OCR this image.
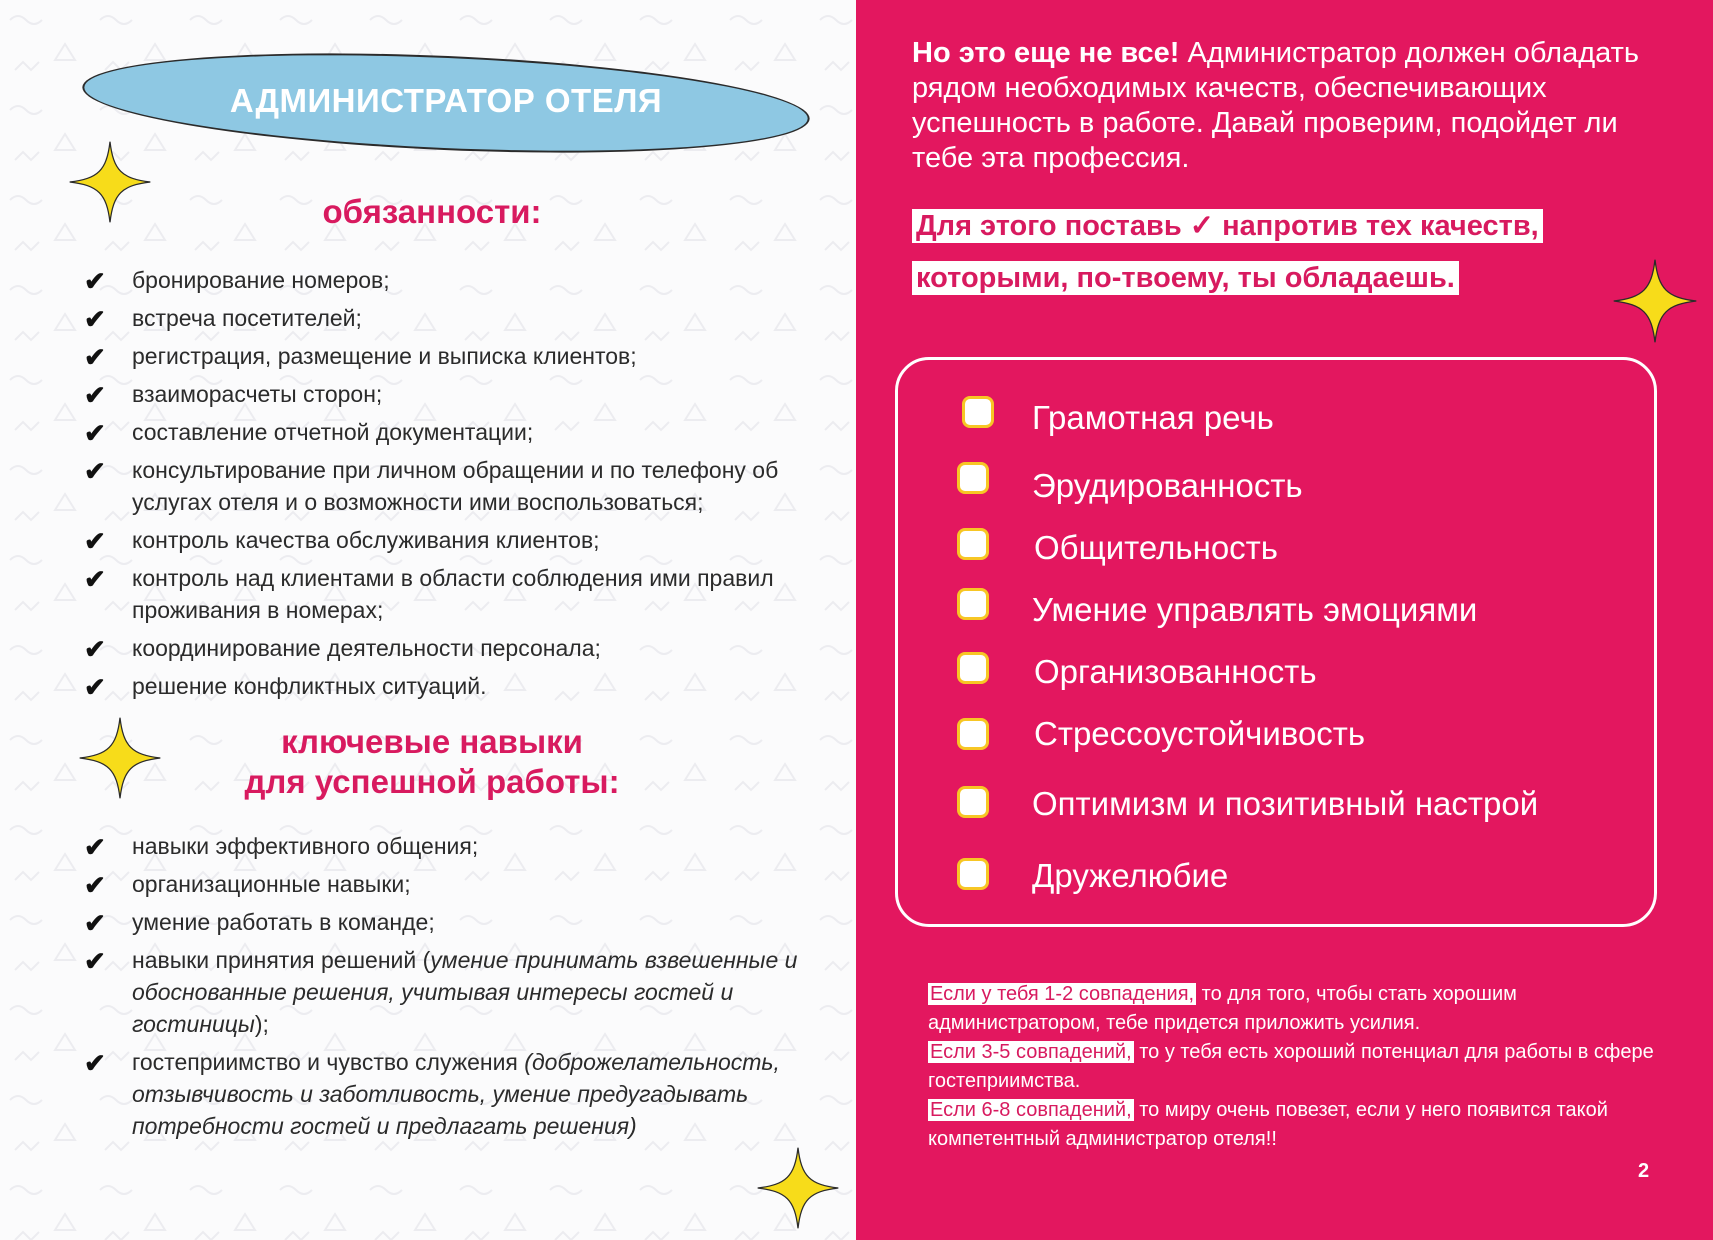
АДМИНИСТРАТОР ОТЕЛЯ
обязанности:
✔ бронирование номеров;
✔ встреча посетителей;
✔ регистрация, размещение и выписка клиентов;
✔ взаиморасчеты сторон;
✔ составление отчетной документации;
✔ консультирование при личном обращении и по телефону об услугах отеля и о возможности ими воспользоваться;
✔ контроль качества обслуживания клиентов;
✔ контроль над клиентами в области соблюдения ими правил проживания в номерах;
✔ координирование деятельности персонала;
✔ решение конфликтных ситуаций.
ключевые навыки
для успешной работы:
✔ навыки эффективного общения;
✔ организационные навыки;
✔ умение работать в команде;
✔ навыки принятия решений (умение принимать взвешенные и обоснованные решения, учитывая интересы гостей и гостиницы);
✔ гостеприимство и чувство служения (доброжелательность, отзывчивость и заботливость, умение предугадывать потребности гостей и предлагать решения)
Но это еще не все! Администратор должен обладать рядом необходимых качеств, обеспечивающих успешность в работе. Давай проверим, подойдет ли тебе эта профессия.
Для этого поставь ✓ напротив тех качеств,
которыми, по-твоему, ты обладаешь.
Грамотная речь
Эрудированность
Общительность
Умение управлять эмоциями
Организованность
Стрессоустойчивость
Оптимизм и позитивный настрой
Дружелюбие
Если у тебя 1-2 совпадения, то для того, чтобы стать хорошим администратором, тебе придется приложить усилия.
Если 3-5 совпадений, то у тебя есть хороший потенциал для работы в сфере гостеприимства.
Если 6-8 совпадений, то миру очень повезет, если у него появится такой компетентный администратор отеля!!
2
